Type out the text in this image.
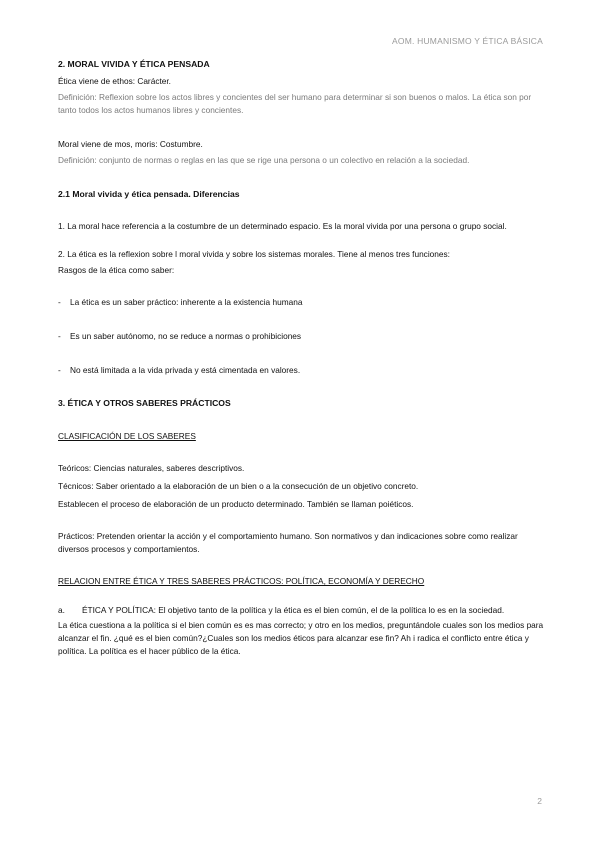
AOM. HUMANISMO Y ÉTICA BÁSICA

2. MORAL VIVIDA Y ÉTICA PENSADA

Ética viene de ethos: Carácter.

Definición: Reflexion sobre los actos libres y concientes del ser humano para determinar si son buenos o malos. La ética son por tanto todos los actos humanos libres y concientes.

Moral viene de mos, moris: Costumbre.

Definición: conjunto de normas o reglas en las que se rige una persona o un colectivo en relación a la sociedad.

2.1 Moral vivida y ética pensada. Diferencias

1. La moral hace referencia a la costumbre de un determinado espacio. Es la moral vivida por una persona o grupo social.

2. La ética es la reflexion sobre l moral vivida y sobre los sistemas morales. Tiene al menos tres funciones:

Rasgos de la ética como saber:

- La ética es un saber práctico: inherente a la existencia humana

- Es un saber autónomo, no se reduce a normas o prohibiciones

- No está limitada a la vida privada y está cimentada en valores.

3. ÉTICA Y OTROS SABERES PRÁCTICOS

CLASIFICACIÓN DE LOS SABERES

Teóricos: Ciencias naturales, saberes descriptivos.

Técnicos: Saber orientado a la elaboración de un bien o a la consecución de un objetivo concreto.

Establecen el proceso de elaboración de un producto determinado. También se llaman poiéticos.

Prácticos: Pretenden orientar la acción y el comportamiento humano. Son normativos y dan indicaciones sobre como realizar diversos procesos y comportamientos.

RELACION ENTRE ÉTICA Y TRES SABERES PRÁCTICOS: POLÍTICA, ECONOMÍA Y DERECHO

a. ÉTICA Y POLÍTICA: El objetivo tanto de la política y la ética es el bien común, el de la política lo es en la sociedad.

La ética cuestiona a la política si el bien común es es mas correcto; y otro en los medios, preguntándole cuales son los medios para alcanzar el fin. ¿qué es el bien común?¿Cuales son los medios éticos para alcanzar ese fin? Ah i radica el conflicto entre ética y política. La política es el hacer público de la ética.

2
